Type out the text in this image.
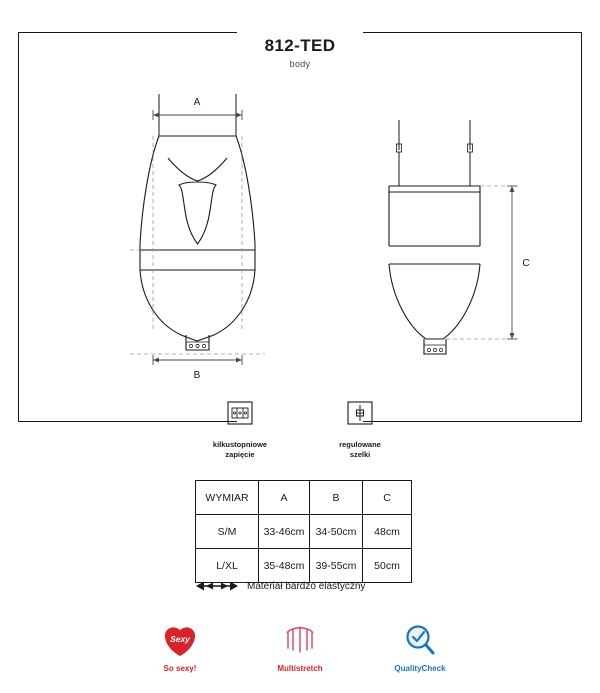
812-TED
body
A
B
C
kilkustopniowe
zapięcie
regulowane
szelki
WYMIAR	A	B	C
S/M	33-46cm	34-50cm	48cm
L/XL	35-48cm	39-55cm	50cm
Materiał bardzo elastyczny
Sexy
So sexy!	Multistretch	QualityCheck
